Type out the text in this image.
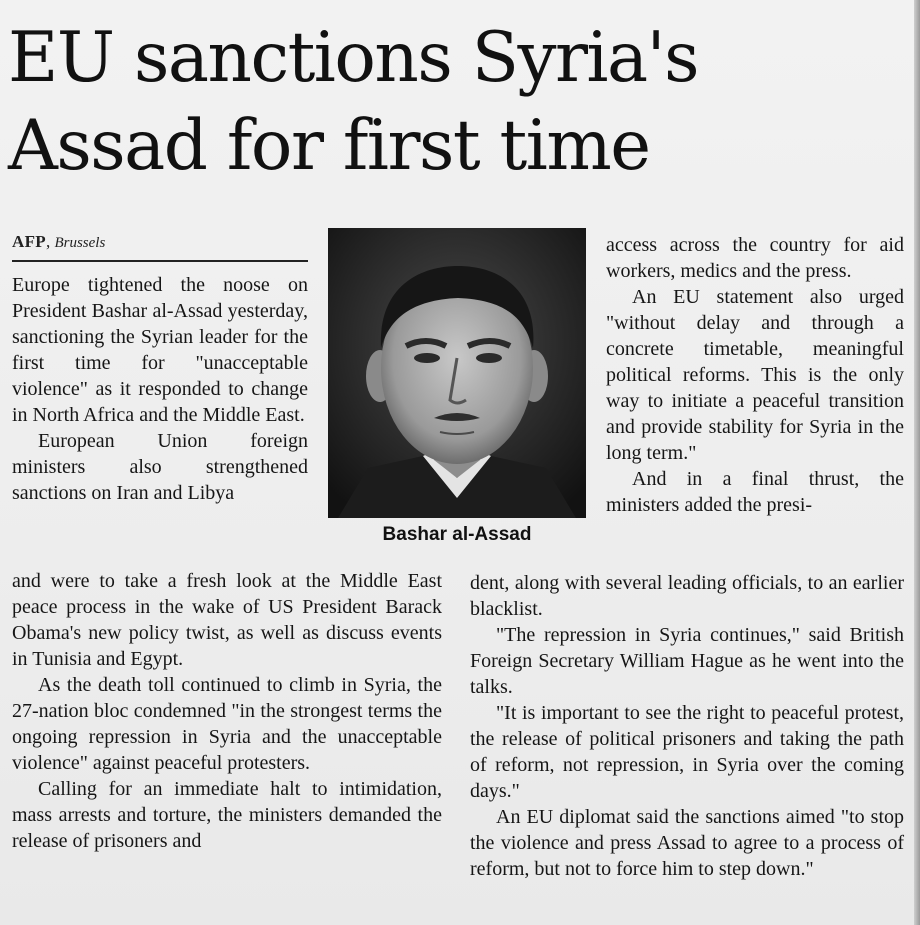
EU sanctions Syria's
Assad for first time
AFP, Brussels

Europe tightened the noose on President Bashar al-Assad yesterday, sanctioning the Syrian leader for the first time for "unacceptable violence" as it responded to change in North Africa and the Middle East.

European Union foreign ministers also strengthened sanctions on Iran and Libya

Bashar al-Assad

and were to take a fresh look at the Middle East peace process in the wake of US President Barack Obama's new policy twist, as well as discuss events in Tunisia and Egypt.

As the death toll continued to climb in Syria, the 27-nation bloc condemned "in the strongest terms the ongoing repression in Syria and the unacceptable violence" against peaceful protesters.

Calling for an immediate halt to intimidation, mass arrests and torture, the ministers demanded the release of prisoners and

access across the country for aid workers, medics and the press.

An EU statement also urged "without delay and through a concrete timetable, meaningful political reforms. This is the only way to initiate a peaceful transition and provide stability for Syria in the long term."

And in a final thrust, the ministers added the presi-

dent, along with several leading officials, to an earlier blacklist.

"The repression in Syria continues," said British Foreign Secretary William Hague as he went into the talks.

"It is important to see the right to peaceful protest, the release of political prisoners and taking the path of reform, not repression, in Syria over the coming days."

An EU diplomat said the sanctions aimed "to stop the violence and press Assad to agree to a process of reform, but not to force him to step down."
